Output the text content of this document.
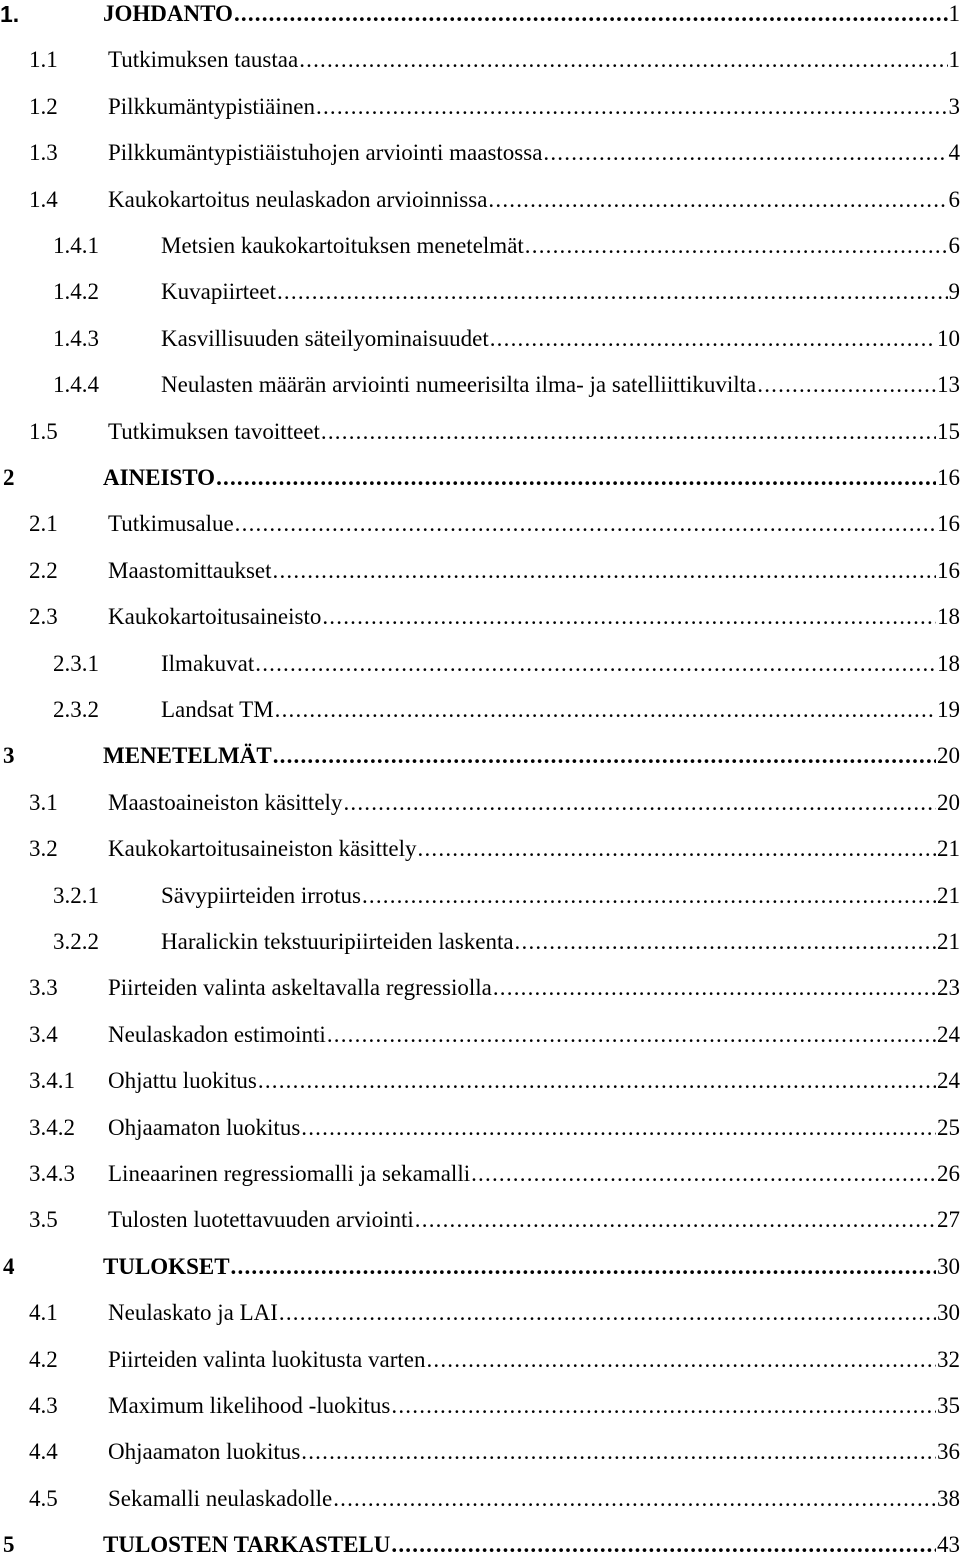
1.	JOHDANTO .....	1
1.1 Tutkimuksen taustaa .....	1
1.2 Pilkkumäntypistiäinen .....	3
1.3 Pilkkumäntypistiäistuhojen arviointi maastossa .....	4
1.4 Kaukokartoitus neulaskadon arvioinnissa .....	6
1.4.1	Metsien kaukokartoituksen menetelmät .....	6
1.4.2	Kuvapiirteet .....	9
1.4.3	Kasvillisuuden säteilyominaisuudet .....	10
1.4.4	Neulasten määrän arviointi numeerisilta ilma- ja satelliittikuvilta .....	13
1.5 Tutkimuksen tavoitteet .....	15
2	AINEISTO .....	16
2.1 Tutkimusalue .....	16
2.2 Maastomittaukset .....	16
2.3 Kaukokartoitusaineisto .....	18
2.3.1	Ilmakuvat .....	18
2.3.2	Landsat TM .....	19
3	MENETELMÄT .....	20
3.1 Maastoaineiston käsittely .....	20
3.2 Kaukokartoitusaineiston käsittely .....	21
3.2.1	Sävypiirteiden irrotus .....	21
3.2.2	Haralickin tekstuuripiirteiden laskenta .....	21
3.3 Piirteiden valinta askeltavalla regressiolla .....	23
3.4 Neulaskadon estimointi .....	24
3.4.1 Ohjattu luokitus .....	24
3.4.2 Ohjaamaton luokitus .....	25
3.4.3 Lineaarinen regressiomalli ja sekamalli .....	26
3.5 Tulosten luotettavuuden arviointi .....	27
4	TULOKSET .....	30
4.1 Neulaskato ja LAI .....	30
4.2 Piirteiden valinta luokitusta varten .....	32
4.3 Maximum likelihood -luokitus .....	35
4.4 Ohjaamaton luokitus .....	36
4.5 Sekamalli neulaskadolle .....	38
5	TULOSTEN TARKASTELU .....	43
